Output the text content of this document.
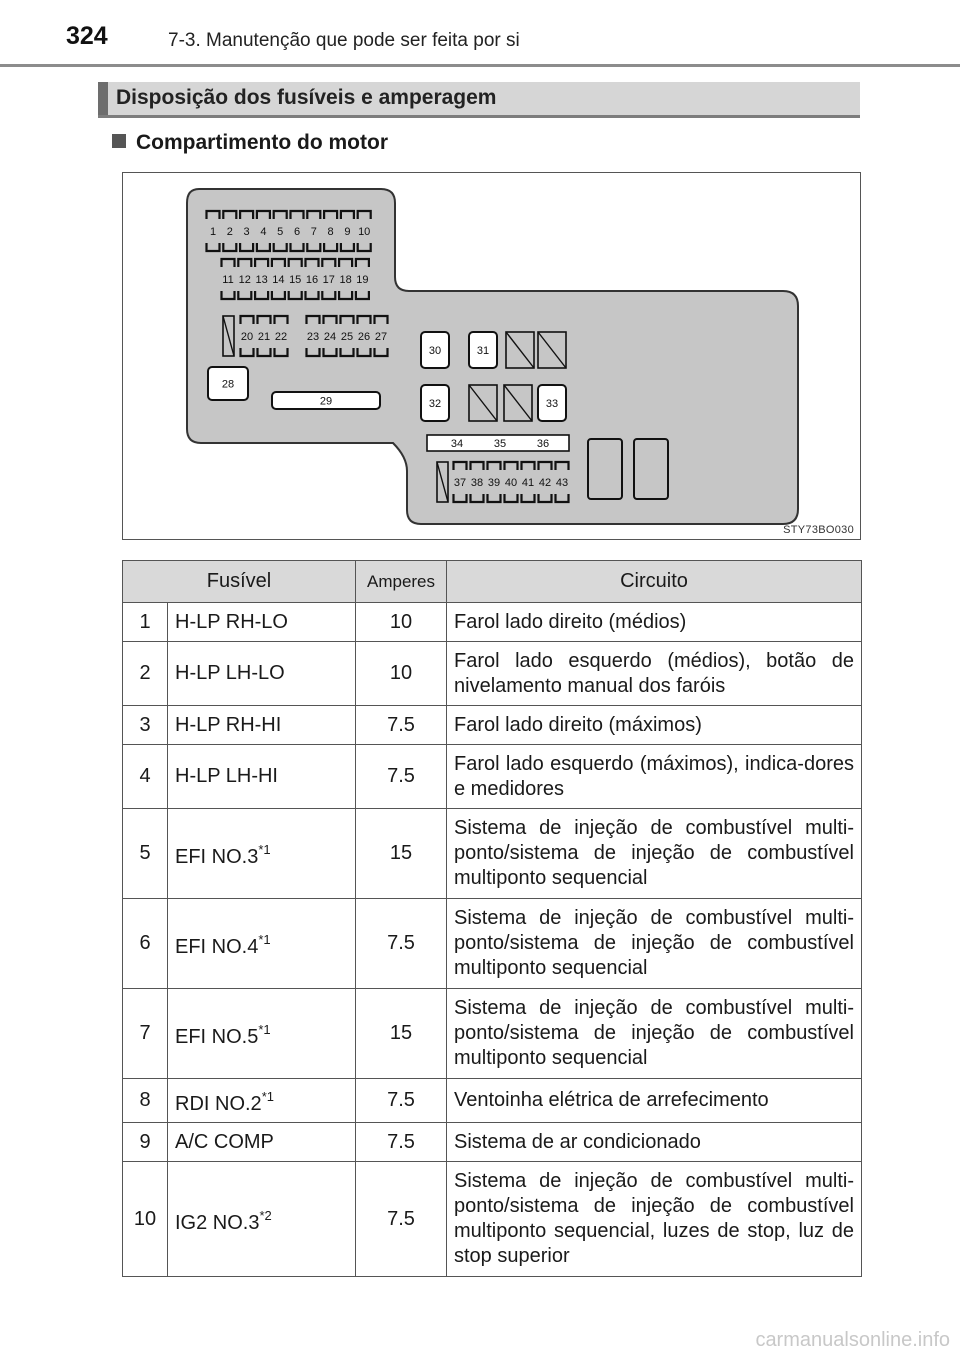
324	7-3. Manutenção que pode ser feita por si
Disposição dos fusíveis e amperagem
Compartimento do motor
1 2 3 4 5 6 7 8 9 10
11 12 13 14 15 16 17 18 19
20 21 22 23 24 25 26 27
28
29
30	31
32	33
34	35	36
37 38 39 40 41 42 43
STY73BO030
Fusível		Amperes	Circuito
1	H-LP RH-LO	10	Farol lado direito (médios)
2	H-LP LH-LO	10	Farol lado esquerdo (médios), botão de nivelamento manual dos faróis
3	H-LP RH-HI	7.5	Farol lado direito (máximos)
4	H-LP LH-HI	7.5	Farol lado esquerdo (máximos), indica-dores e medidores
5	EFI NO.3$^{*1}$	15	Sistema de injeção de combustível multi-ponto/sistema de injeção de combustível multiponto sequencial
6	EFI NO.4$^{*1}$	7.5	Sistema de injeção de combustível multi-ponto/sistema de injeção de combustível multiponto sequencial
7	EFI NO.5$^{*1}$	15	Sistema de injeção de combustível multi-ponto/sistema de injeção de combustível multiponto sequencial
8	RDI NO.2$^{*1}$	7.5	Ventoinha elétrica de arrefecimento
9	A/C COMP	7.5	Sistema de ar condicionado
10	IG2 NO.3$^{*2}$	7.5	Sistema de injeção de combustível multi-ponto/sistema de injeção de combustível multiponto sequencial, luzes de stop, luz de stop superior
carmanualsonline.info
